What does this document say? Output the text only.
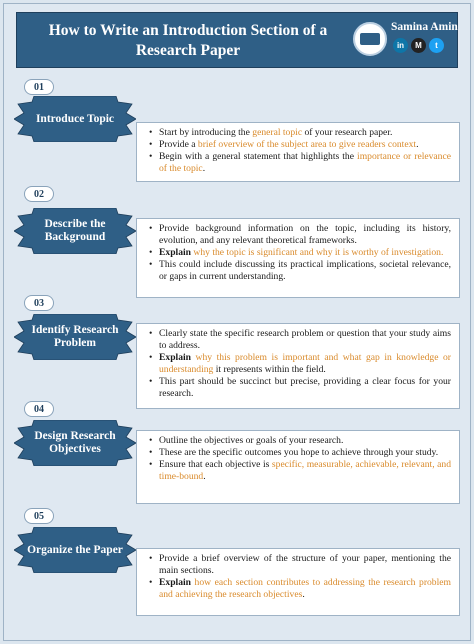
How to Write an Introduction Section of a Research Paper
Samina Amin
in	M	t
01
Introduce Topic
• Start by introducing the general topic of your research paper.
• Provide a brief overview of the subject area to give readers context.
• Begin with a general statement that highlights the importance or relevance of the topic.
02
Describe the Background
• Provide background information on the topic, including its history, evolution, and any relevant theoretical frameworks.
• Explain why the topic is significant and why it is worthy of investigation.
• This could include discussing its practical implications, societal relevance, or gaps in current understanding.
03
Identify Research Problem
• Clearly state the specific research problem or question that your study aims to address.
• Explain why this problem is important and what gap in knowledge or understanding it represents within the field.
• This part should be succinct but precise, providing a clear focus for your research.
04
Design Research Objectives
• Outline the objectives or goals of your research.
• These are the specific outcomes you hope to achieve through your study.
• Ensure that each objective is specific, measurable, achievable, relevant, and time-bound.
05
Organize the Paper
• Provide a brief overview of the structure of your paper, mentioning the main sections.
• Explain how each section contributes to addressing the research problem and achieving the research objectives.
